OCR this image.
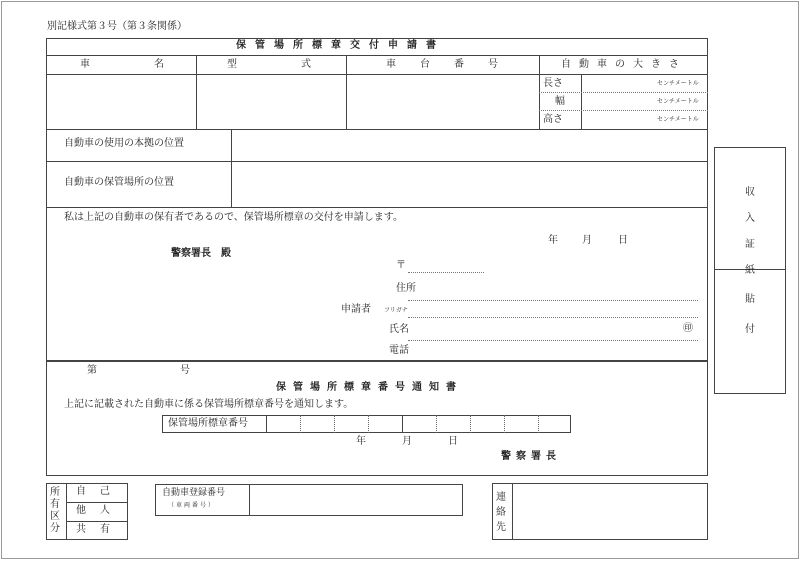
別記様式第３号（第３条関係）
保管場所標章交付申請書
車名 型式 車台番号	自動車の大きさ
長さ	センチメートル
幅	センチメートル
高さ	センチメートル
自動車の使用の本拠の位置
自動車の保管場所の位置
私は上記の自動車の保有者であるので、保管場所標章の交付を申請します。
年 月	日
警察署長　殿
〒
住所
申請者 フリガナ
氏名	㊞
電話
第	号
保管場所標章番号通知書
上記に記載された自動車に係る保管場所標章番号を通知します。
保管場所標章番号
年	月	日
警察署長
収入証紙
貼付
所有区分
自己
他人
共有
自動車登録番号
（車両番号）
連絡先
